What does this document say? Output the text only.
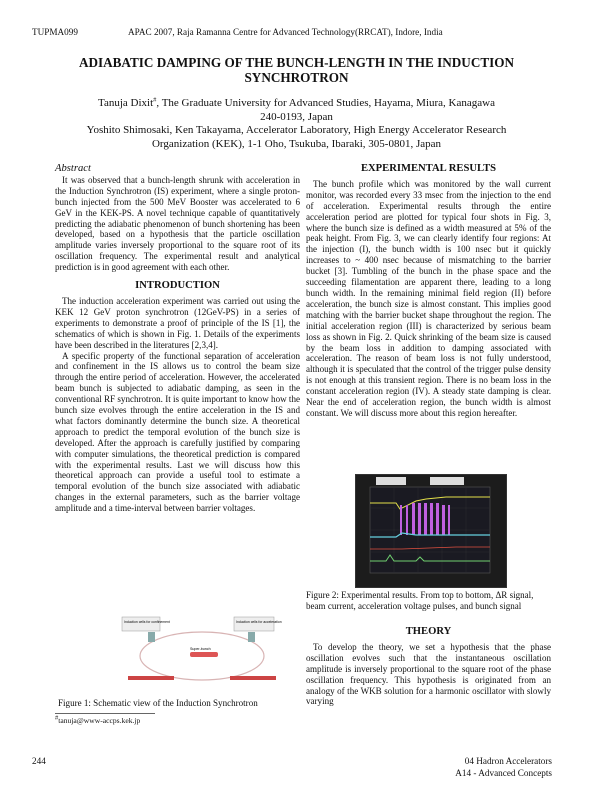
TUPMA099	APAC 2007, Raja Ramanna Centre for Advanced Technology(RRCAT), Indore, India
ADIABATIC DAMPING OF THE BUNCH-LENGTH IN THE INDUCTION
SYNCHROTRON

Tanuja Dixit#, The Graduate University for Advanced Studies, Hayama, Miura, Kanagawa

240-0193, Japan

Yoshito Shimosaki, Ken Takayama, Accelerator Laboratory, High Energy Accelerator Research

Organization (KEK), 1-1 Oho, Tsukuba, Ibaraki, 305-0801, Japan

Abstract

It was observed that a bunch-length shrunk with acceleration in the Induction Synchrotron (IS) experiment, where a single proton-bunch injected from the 500 MeV Booster was accelerated to 6 GeV in the KEK-PS. A novel technique capable of quantitatively predicting the adiabatic phenomenon of bunch shortening has been developed, based on a hypothesis that the particle oscillation amplitude varies inversely proportional to the square root of its oscillation frequency. The experimental result and analytical prediction is in good agreement with each other.

INTRODUCTION

The induction acceleration experiment was carried out using the KEK 12 GeV proton synchrotron (12GeV-PS) in a series of experiments to demonstrate a proof of principle of the IS [1], the schematics of which is shown in Fig. 1. Details of the experiments have been described in the literatures [2,3,4].

A specific property of the functional separation of acceleration and confinement in the IS allows us to control the beam size through the entire period of acceleration. However, the accelerated beam bunch is subjected to adiabatic damping, as seen in the conventional RF synchrotron. It is quite important to know how the bunch size evolves through the entire acceleration in the IS and what factors dominantly determine the bunch size. A theoretical approach to predict the temporal evolution of the bunch size is developed. After the approach is carefully justified by comparing with computer simulations, the theoretical prediction is compared with the experimental results. Last we will discuss how this theoretical approach can provide a useful tool to estimate a temporal evolution of the bunch size associated with adiabatic changes in the external parameters, such as the barrier voltage amplitude and a time-interval between barrier voltages.

Induction cells for confinement	Induction cells for acceleration
Super-bunch
Figure 1: Schematic view of the Induction Synchrotron
#tanuja@www-accps.kek.jp
EXPERIMENTAL RESULTS

The bunch profile which was monitored by the wall current monitor, was recorded every 33 msec from the injection to the end of acceleration. Experimental results through the entire acceleration period are plotted for typical four shots in Fig. 3, where the bunch size is defined as a width measured at 5% of the peak height. From Fig. 3, we can clearly identify four regions: At the injection (I), the bunch width is 100 nsec but it quickly increases to ~ 400 nsec because of mismatching to the barrier bucket [3]. Tumbling of the bunch in the phase space and the succeeding filamentation are apparent there, leading to a long bunch width. In the remaining minimal field region (II) before acceleration, the bunch size is almost constant. This implies good matching with the barrier bucket shape throughout the region. The initial acceleration region (III) is characterized by serious beam loss as shown in Fig. 2. Quick shrinking of the beam size is caused by the beam loss in addition to damping associated with acceleration. The reason of beam loss is not fully understood, although it is speculated that the control of the trigger pulse density is not enough at this transient region. There is no beam loss in the constant acceleration region (IV). A steady state damping is clear. Near the end of acceleration region, the bunch width is almost constant. We will discuss more about this region hereafter.

Figure 2: Experimental results. From top to bottom, ΔR signal, beam current, acceleration voltage pulses, and bunch signal
THEORY

To develop the theory, we set a hypothesis that the phase oscillation evolves such that the instantaneous oscillation amplitude is inversely proportional to the square root of the phase oscillation frequency. This hypothesis is originated from an analogy of the WKB solution for a harmonic oscillator with slowly varying

244	04 Hadron Accelerators
A14 - Advanced Concepts
